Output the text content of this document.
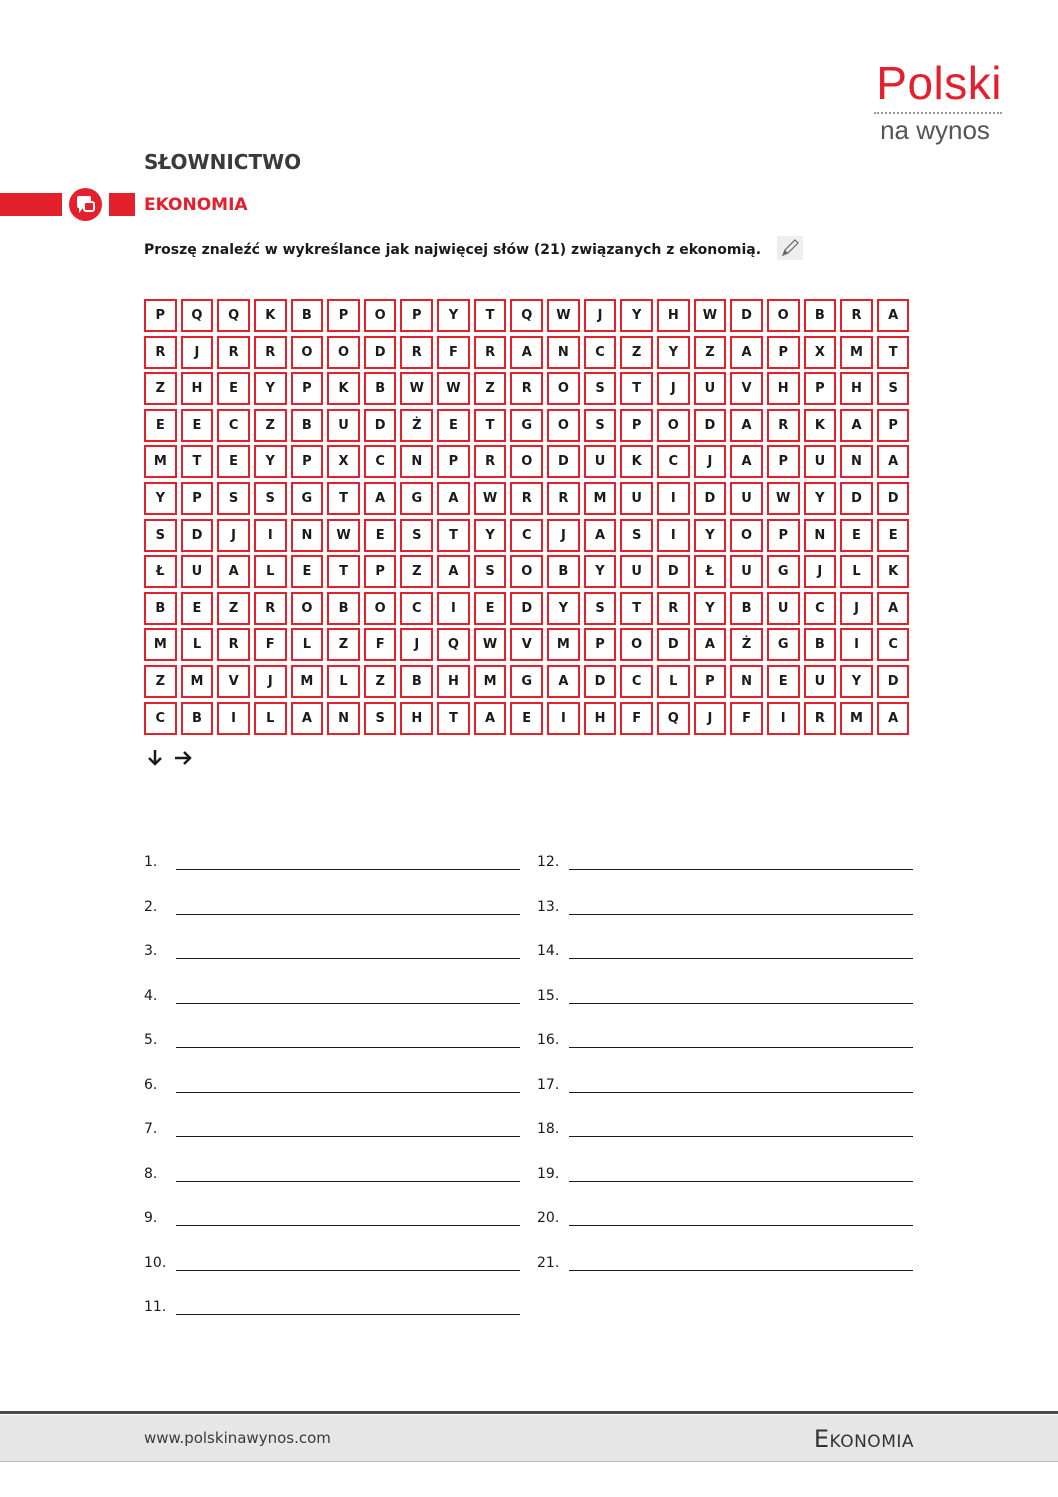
Polski
na wynos
SŁOWNICTWO
EKONOMIA
Proszę znaleźć w wykreślance jak najwięcej słów (21) związanych z ekonomią.
P	Q	Q	K	B	P	O	P	Y	T	Q	W	J	Y	H	W	D	O	B	R	A
R	J	R	R	O	O	D	R	F	R	A	N	C	Z	Y	Z	A	P	X	M	T
Z	H	E	Y	P	K	B	W	W	Z	R	O	S	T	J	U	V	H	P	H	S
E	E	C	Z	B	U	D	Ż	E	T	G	O	S	P	O	D	A	R	K	A	P
M	T	E	Y	P	X	C	N	P	R	O	D	U	K	C	J	A	P	U	N	A
Y	P	S	S	G	T	A	G	A	W	R	R	M	U	I	D	U	W	Y	D	D
S	D	J	I	N	W	E	S	T	Y	C	J	A	S	I	Y	O	P	N	E	E
Ł	U	A	L	E	T	P	Z	A	S	O	B	Y	U	D	Ł	U	G	J	L	K
B	E	Z	R	O	B	O	C	I	E	D	Y	S	T	R	Y	B	U	C	J	A
M	L	R	F	L	Z	F	J	Q	W	V	M	P	O	D	A	Ż	G	B	I	C
Z	M	V	J	M	L	Z	B	H	M	G	A	D	C	L	P	N	E	U	Y	D
C	B	I	L	A	N	S	H	T	A	E	I	H	F	Q	J	F	I	R	M	A
1.
2.
3.
4.
5.
6.
7.
8.
9.
10.
11.
12.
13.
14.
15.
16.
17.
18.
19.
20.
21.
www.polskinawynos.com	Ekonomia
